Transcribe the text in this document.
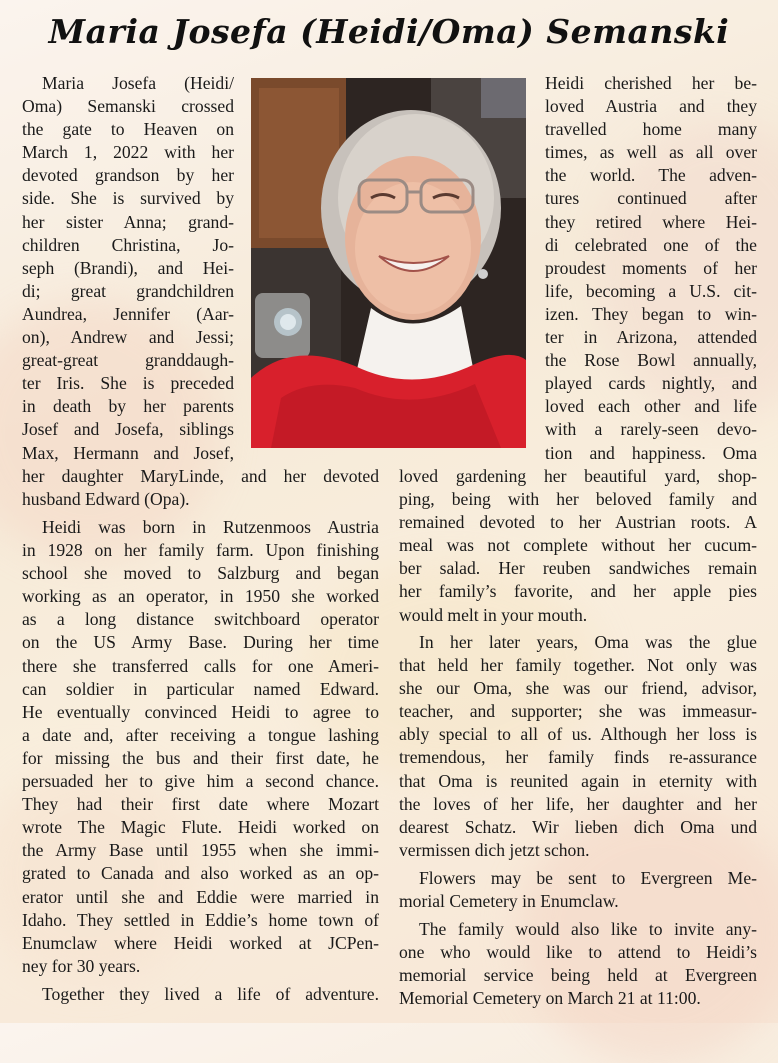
Maria Josefa (Heidi/Oma) Semanski
Maria Josefa (Heidi/
Oma) Semanski crossed
the gate to Heaven on
March 1, 2022 with her
devoted grandson by her
side. She is survived by
her sister Anna; grand-
children Christina, Jo-
seph (Brandi), and Hei-
di; great grandchildren
Aundrea, Jennifer (Aar-
on), Andrew and Jessi;
great-great granddaugh-
ter Iris. She is preceded
in death by her parents
Josef and Josefa, siblings
Max, Hermann and Josef,
her daughter MaryLinde, and her devoted
husband Edward (Opa).
Heidi was born in Rutzenmoos Austria
in 1928 on her family farm. Upon finishing
school she moved to Salzburg and began
working as an operator, in 1950 she worked
as a long distance switchboard operator
on the US Army Base. During her time
there she transferred calls for one Ameri-
can soldier in particular named Edward.
He eventually convinced Heidi to agree to
a date and, after receiving a tongue lashing
for missing the bus and their first date, he
persuaded her to give him a second chance.
They had their first date where Mozart
wrote The Magic Flute. Heidi worked on
the Army Base until 1955 when she immi-
grated to Canada and also worked as an op-
erator until she and Eddie were married in
Idaho. They settled in Eddie’s home town of
Enumclaw where Heidi worked at JCPen-
ney for 30 years.
Together they lived a life of adventure.
Heidi cherished her be-
loved Austria and they
travelled home many
times, as well as all over
the world. The adven-
tures continued after
they retired where Hei-
di celebrated one of the
proudest moments of her
life, becoming a U.S. cit-
izen. They began to win-
ter in Arizona, attended
the Rose Bowl annually,
played cards nightly, and
loved each other and life
with a rarely-seen devo-
tion and happiness. Oma
loved gardening her beautiful yard, shop-
ping, being with her beloved family and
remained devoted to her Austrian roots. A
meal was not complete without her cucum-
ber salad. Her reuben sandwiches remain
her family’s favorite, and her apple pies
would melt in your mouth.
In her later years, Oma was the glue
that held her family together. Not only was
she our Oma, she was our friend, advisor,
teacher, and supporter; she was immeasur-
ably special to all of us. Although her loss is
tremendous, her family finds re-assurance
that Oma is reunited again in eternity with
the loves of her life, her daughter and her
dearest Schatz. Wir lieben dich Oma und
vermissen dich jetzt schon.
Flowers may be sent to Evergreen Me-
morial Cemetery in Enumclaw.
The family would also like to invite any-
one who would like to attend to Heidi’s
memorial service being held at Evergreen
Memorial Cemetery on March 21 at 11:00.
